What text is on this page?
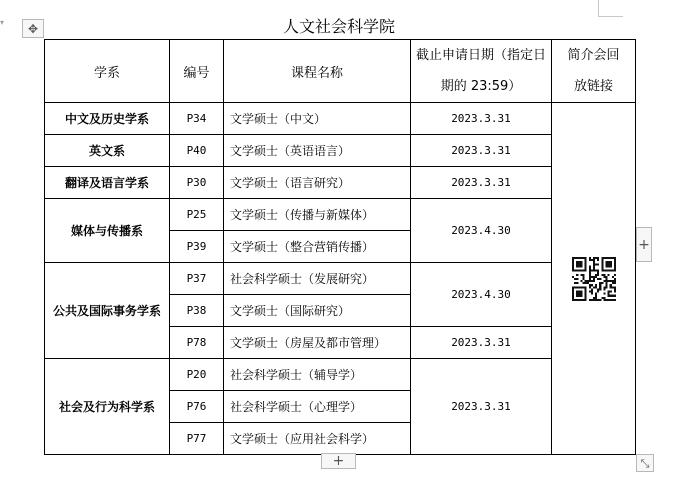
▾ ✥	人文社会科学院
学系	编号	课程名称	截止申请日期（指定日期的 23:59）	简介会回放链接
中文及历史学系	P34	文学硕士（中文）	2023.3.31	

英文系	P40	文学硕士（英语语言）	2023.3.31	
翻译及语言学系	P30	文学硕士（语言研究）	2023.3.31	
媒体与传播系	P25	文学硕士（传播与新媒体）	2023.4.30	
	P39	文学硕士（整合营销传播）		
公共及国际事务学系	P37	社会科学硕士（发展研究）	2023.4.30	
	P38	文学硕士（国际研究）		
	P78	文学硕士（房屋及都市管理）	2023.3.31	
社会及行为科学系	P20	社会科学硕士（辅导学）	2023.3.31	
	P76	社会科学硕士（心理学）		
	P77	文学硕士（应用社会科学）		
+
+	⤡
